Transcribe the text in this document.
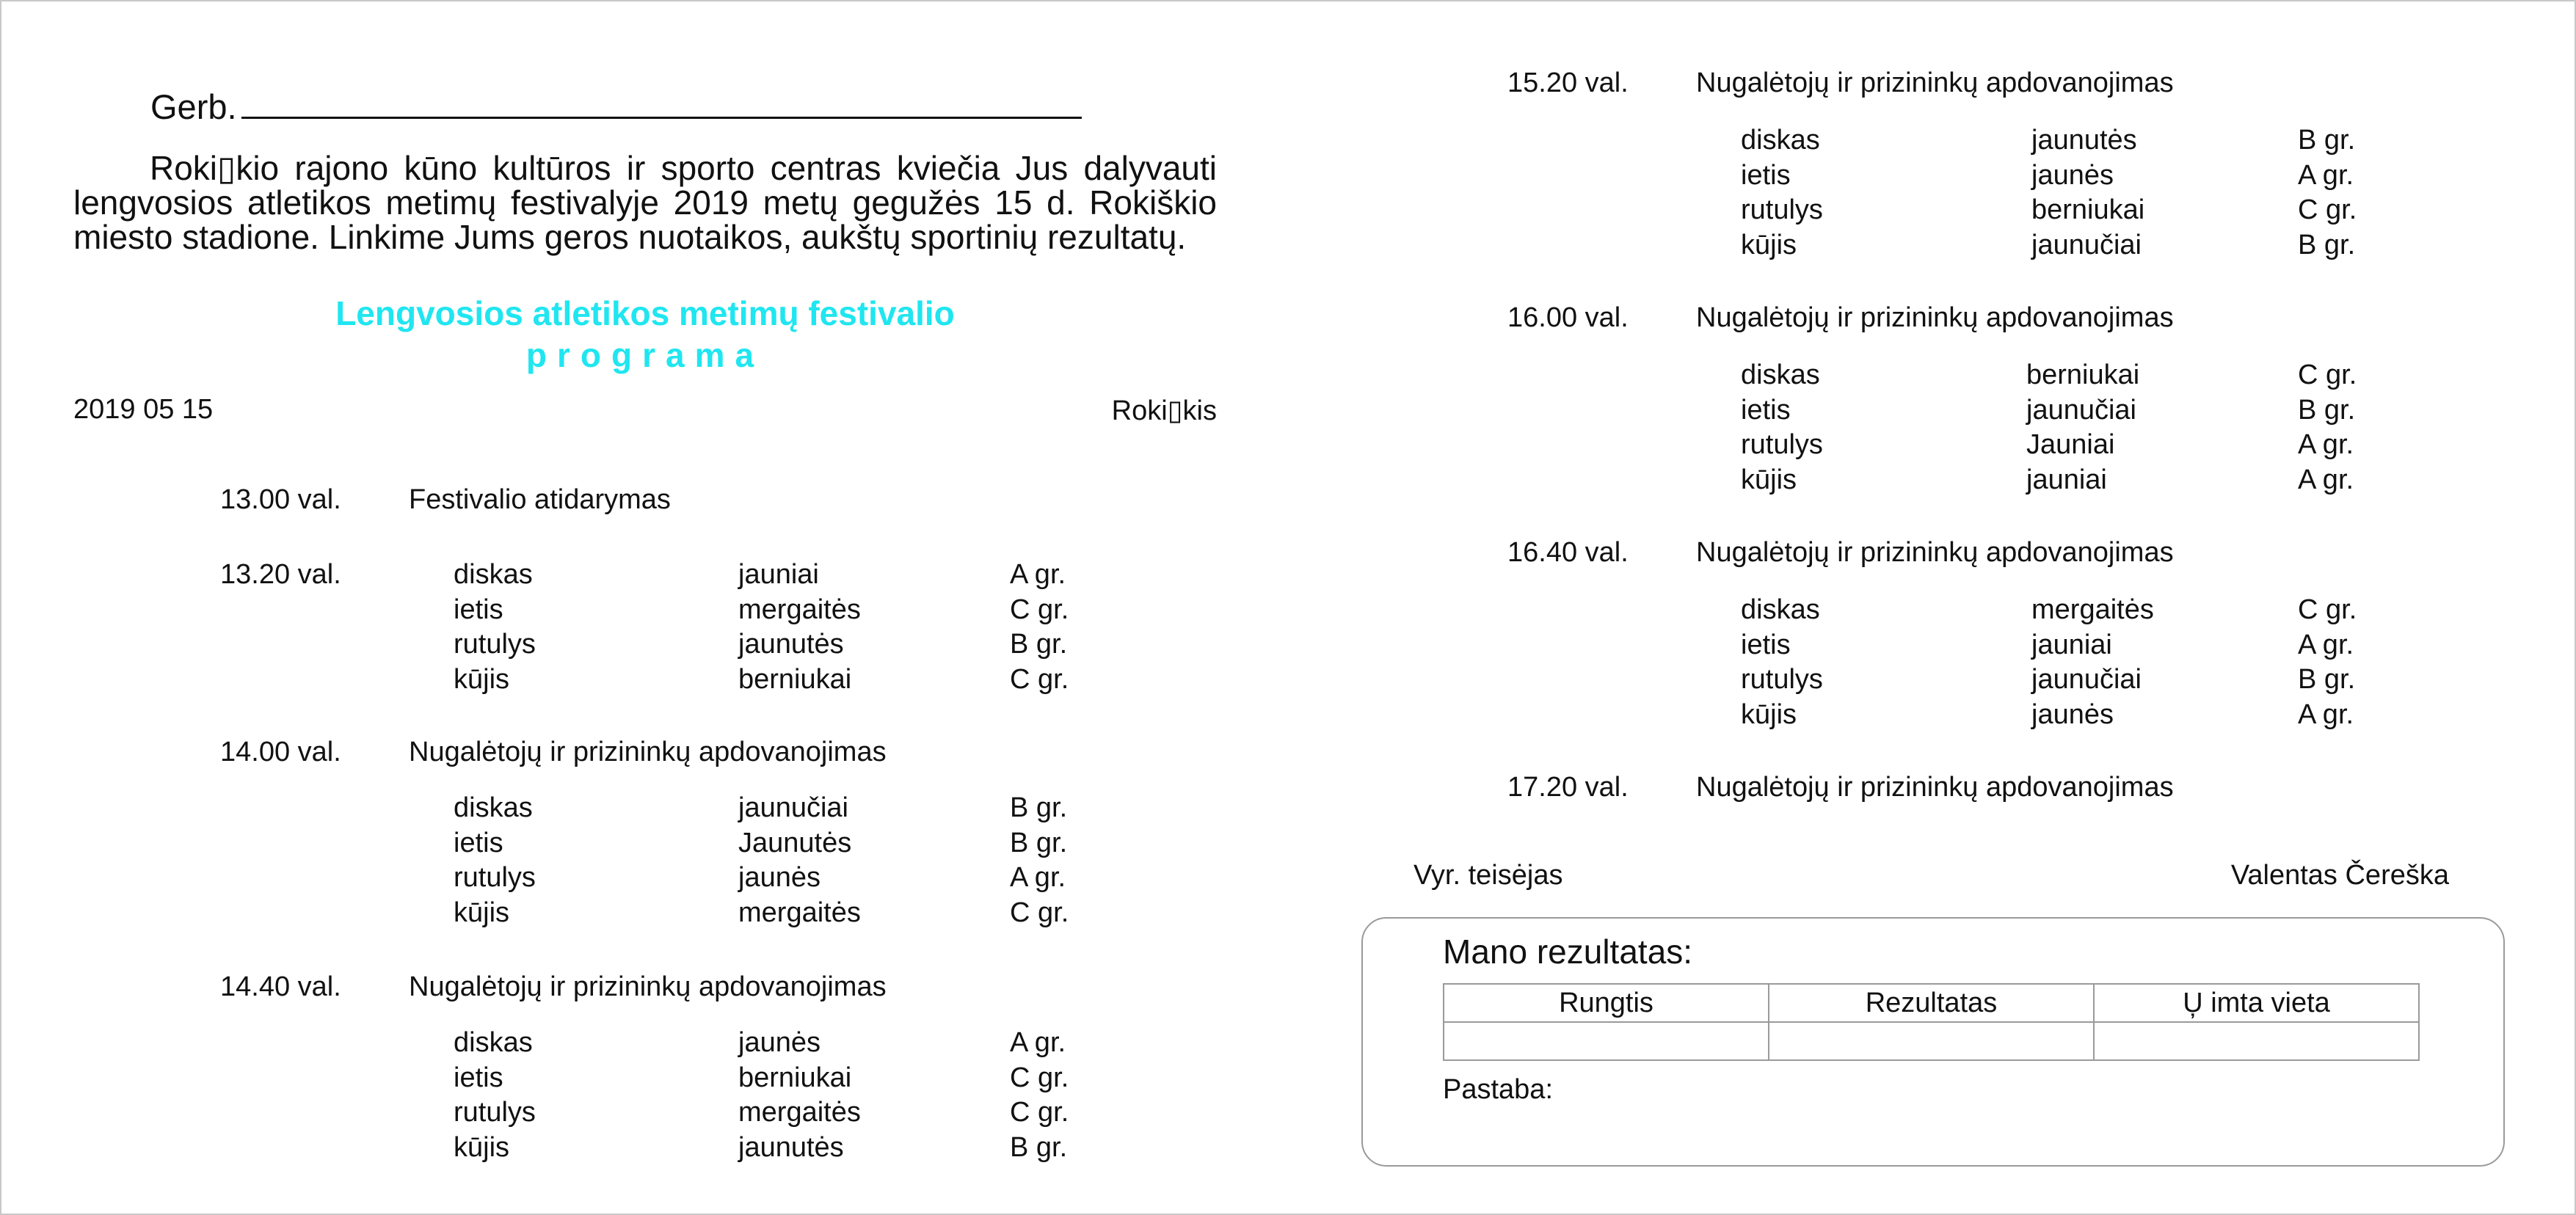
Gerb.

Roki▯kio rajono kūno kultūros ir sporto centras kviečia Jus dalyvauti lengvosios atletikos metimų festivalyje 2019 metų gegužės 15 d. Rokiškio miesto stadione. Linkime Jums geros nuotaikos, aukštų sportinių rezultatų.

Lengvosios atletikos metimų festivalio
programa
2019 05 15	Roki▯kis
13.00 val. Festivalio atidarymas
13.20 val.	diskas	jauniai	A gr.
ietis	mergaitės	C gr.
rutulys	jaunutės	B gr.
kūjis	berniukai	C gr.
14.00 val. Nugalėtojų ir prizininkų apdovanojimas
diskas	jaunučiai	B gr.
ietis	Jaunutės	B gr.
rutulys	jaunės	A gr.
kūjis	mergaitės	C gr.
14.40 val. Nugalėtojų ir prizininkų apdovanojimas
diskas	jaunės	A gr.
ietis	berniukai	C gr.
rutulys	mergaitės	C gr.
kūjis	jaunutės	B gr.
15.20 val. Nugalėtojų ir prizininkų apdovanojimas
diskas	jaunutės	B gr.
ietis	jaunės	A gr.
rutulys	berniukai	C gr.
kūjis	jaunučiai	B gr.
16.00 val. Nugalėtojų ir prizininkų apdovanojimas
diskas	berniukai	C gr.
ietis	jaunučiai	B gr.
rutulys	Jauniai	A gr.
kūjis	jauniai	A gr.
16.40 val. Nugalėtojų ir prizininkų apdovanojimas
diskas	mergaitės	C gr.
ietis	jauniai	A gr.
rutulys	jaunučiai	B gr.
kūjis	jaunės	A gr.
17.20 val. Nugalėtojų ir prizininkų apdovanojimas
Vyr. teisėjas	Valentas Čereška
Mano rezultatas:
Rungtis	Rezultatas	U̦ imta vieta

Pastaba:
